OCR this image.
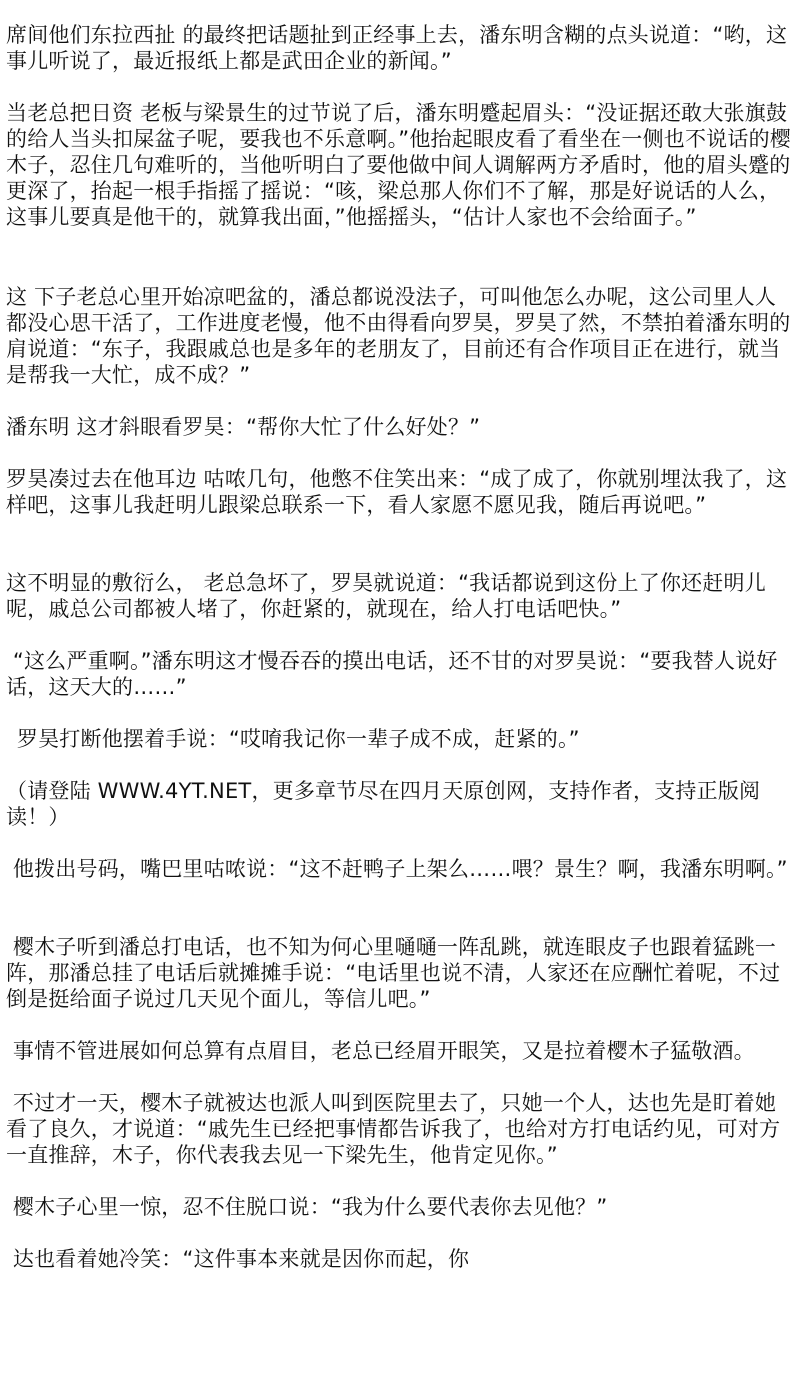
席间他们东拉西扯 的最终把话题扯到正经事上去，潘东明含糊的点头说道：“哟，这事儿听说了，最近报纸上都是武田企业的新闻。”

当老总把日资 老板与梁景生的过节说了后，潘东明蹙起眉头：“没证据还敢大张旗鼓的给人当头扣屎盆子呢，要我也不乐意啊。”他抬起眼皮看了看坐在一侧也不说话的樱木子，忍住几句难听的，当他听明白了要他做中间人调解两方矛盾时，他的眉头蹙的更深了，抬起一根手指摇了摇说：“咳，梁总那人你们不了解，那是好说话的人么，这事儿要真是他干的，就算我出面，”他摇摇头，“估计人家也不会给面子。”

这 下子老总心里开始凉吧盆的，潘总都说没法子，可叫他怎么办呢，这公司里人人都没心思干活了，工作进度老慢，他不由得看向罗昊，罗昊了然，不禁拍着潘东明的肩说道：“东子，我跟戚总也是多年的老朋友了，目前还有合作项目正在进行，就当是帮我一大忙，成不成？”

潘东明 这才斜眼看罗昊：“帮你大忙了什么好处？”

罗昊凑过去在他耳边 咕哝几句，他憋不住笑出来：“成了成了，你就别埋汰我了，这样吧，这事儿我赶明儿跟梁总联系一下，看人家愿不愿见我，随后再说吧。”

这不明显的敷衍么， 老总急坏了，罗昊就说道：“我话都说到这份上了你还赶明儿呢，戚总公司都被人堵了，你赶紧的，就现在，给人打电话吧快。”

“这么严重啊。”潘东明这才慢吞吞的摸出电话，还不甘的对罗昊说：“要我替人说好话，这天大的……”

罗昊打断他摆着手说：“哎唷我记你一辈子成不成，赶紧的。”

（请登陆 WWW.4YT.NET，更多章节尽在四月天原创网，支持作者，支持正版阅读！）

他拨出号码，嘴巴里咕哝说：“这不赶鸭子上架么……喂？景生？啊，我潘东明啊。”

樱木子听到潘总打电话，也不知为何心里嗵嗵一阵乱跳，就连眼皮子也跟着猛跳一阵，那潘总挂了电话后就摊摊手说：“电话里也说不清，人家还在应酬忙着呢，不过倒是挺给面子说过几天见个面儿，等信儿吧。”

事情不管进展如何总算有点眉目，老总已经眉开眼笑，又是拉着樱木子猛敬酒。

不过才一天，樱木子就被达也派人叫到医院里去了，只她一个人，达也先是盯着她看了良久，才说道：“戚先生已经把事情都告诉我了，也给对方打电话约见，可对方一直推辞，木子，你代表我去见一下梁先生，他肯定见你。”

樱木子心里一惊，忍不住脱口说：“我为什么要代表你去见他？”

达也看着她冷笑：“这件事本来就是因你而起，你
